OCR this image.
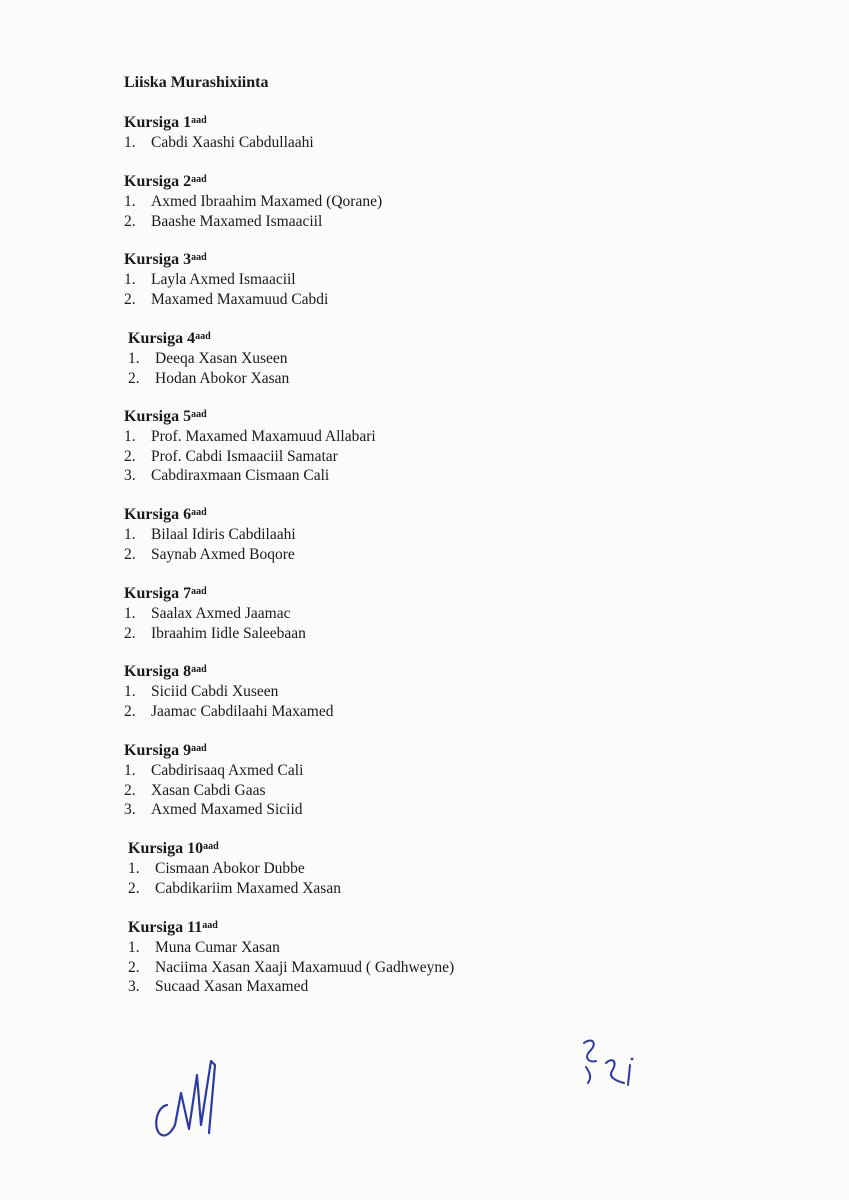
Liiska Murashixiinta
Kursiga $1^{aad}$
1. Cabdi Xaashi Cabdullaahi
Kursiga $2^{aad}$
1. Axmed Ibraahim Maxamed (Qorane)
2. Baashe Maxamed Ismaaciil
Kursiga $3^{aad}$
1. Layla Axmed Ismaaciil
2. Maxamed Maxamuud Cabdi
Kursiga $4^{aad}$
1. Deeqa Xasan Xuseen
2. Hodan Abokor Xasan
Kursiga $5^{aad}$
1. Prof. Maxamed Maxamuud Allabari
2. Prof. Cabdi Ismaaciil Samatar
3. Cabdiraxmaan Cismaan Cali
Kursiga $6^{aad}$
1. Bilaal Idiris Cabdilaahi
2. Saynab Axmed Boqore
Kursiga $7^{aad}$
1. Saalax Axmed Jaamac
2. Ibraahim Iidle Saleebaan
Kursiga $8^{aad}$
1. Siciid Cabdi Xuseen
2. Jaamac Cabdilaahi Maxamed
Kursiga $9^{aad}$
1. Cabdirisaaq Axmed Cali
2. Xasan Cabdi Gaas
3. Axmed Maxamed Siciid
Kursiga $10^{aad}$
1. Cismaan Abokor Dubbe
2. Cabdikariim Maxamed Xasan
Kursiga $11^{aad}$
1. Muna Cumar Xasan
2. Naciima Xasan Xaaji Maxamuud ( Gadhweyne)
3. Sucaad Xasan Maxamed
